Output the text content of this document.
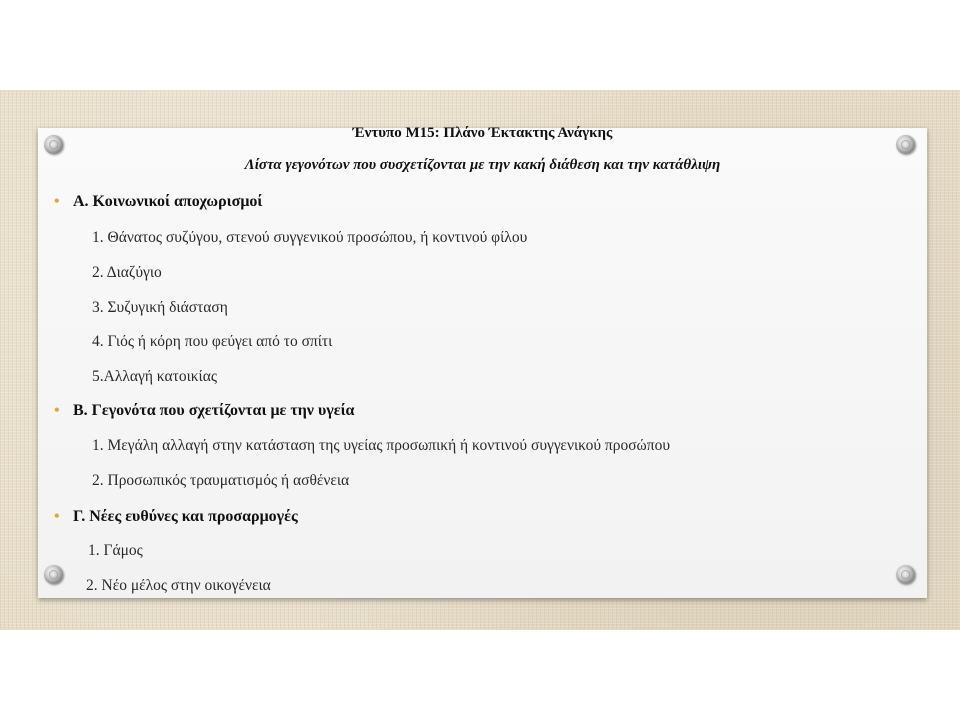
Έντυπο Μ15: Πλάνο Έκτακτης Ανάγκης
Λίστα γεγονότων που συσχετίζονται με την κακή διάθεση και την κατάθλιψη
• Α. Κοινωνικοί αποχωρισμοί
1. Θάνατος συζύγου, στενού συγγενικού προσώπου, ή κοντινού φίλου
2. Διαζύγιο
3. Συζυγική διάσταση
4. Γιός ή κόρη που φεύγει από το σπίτι
5.Αλλαγή κατοικίας
• Β. Γεγονότα που σχετίζονται με την υγεία
1. Μεγάλη αλλαγή στην κατάσταση της υγείας προσωπική ή κοντινού συγγενικού προσώπου
2. Προσωπικός τραυματισμός ή ασθένεια
• Γ. Νέες ευθύνες και προσαρμογές
1. Γάμος
2. Νέο μέλος στην οικογένεια
